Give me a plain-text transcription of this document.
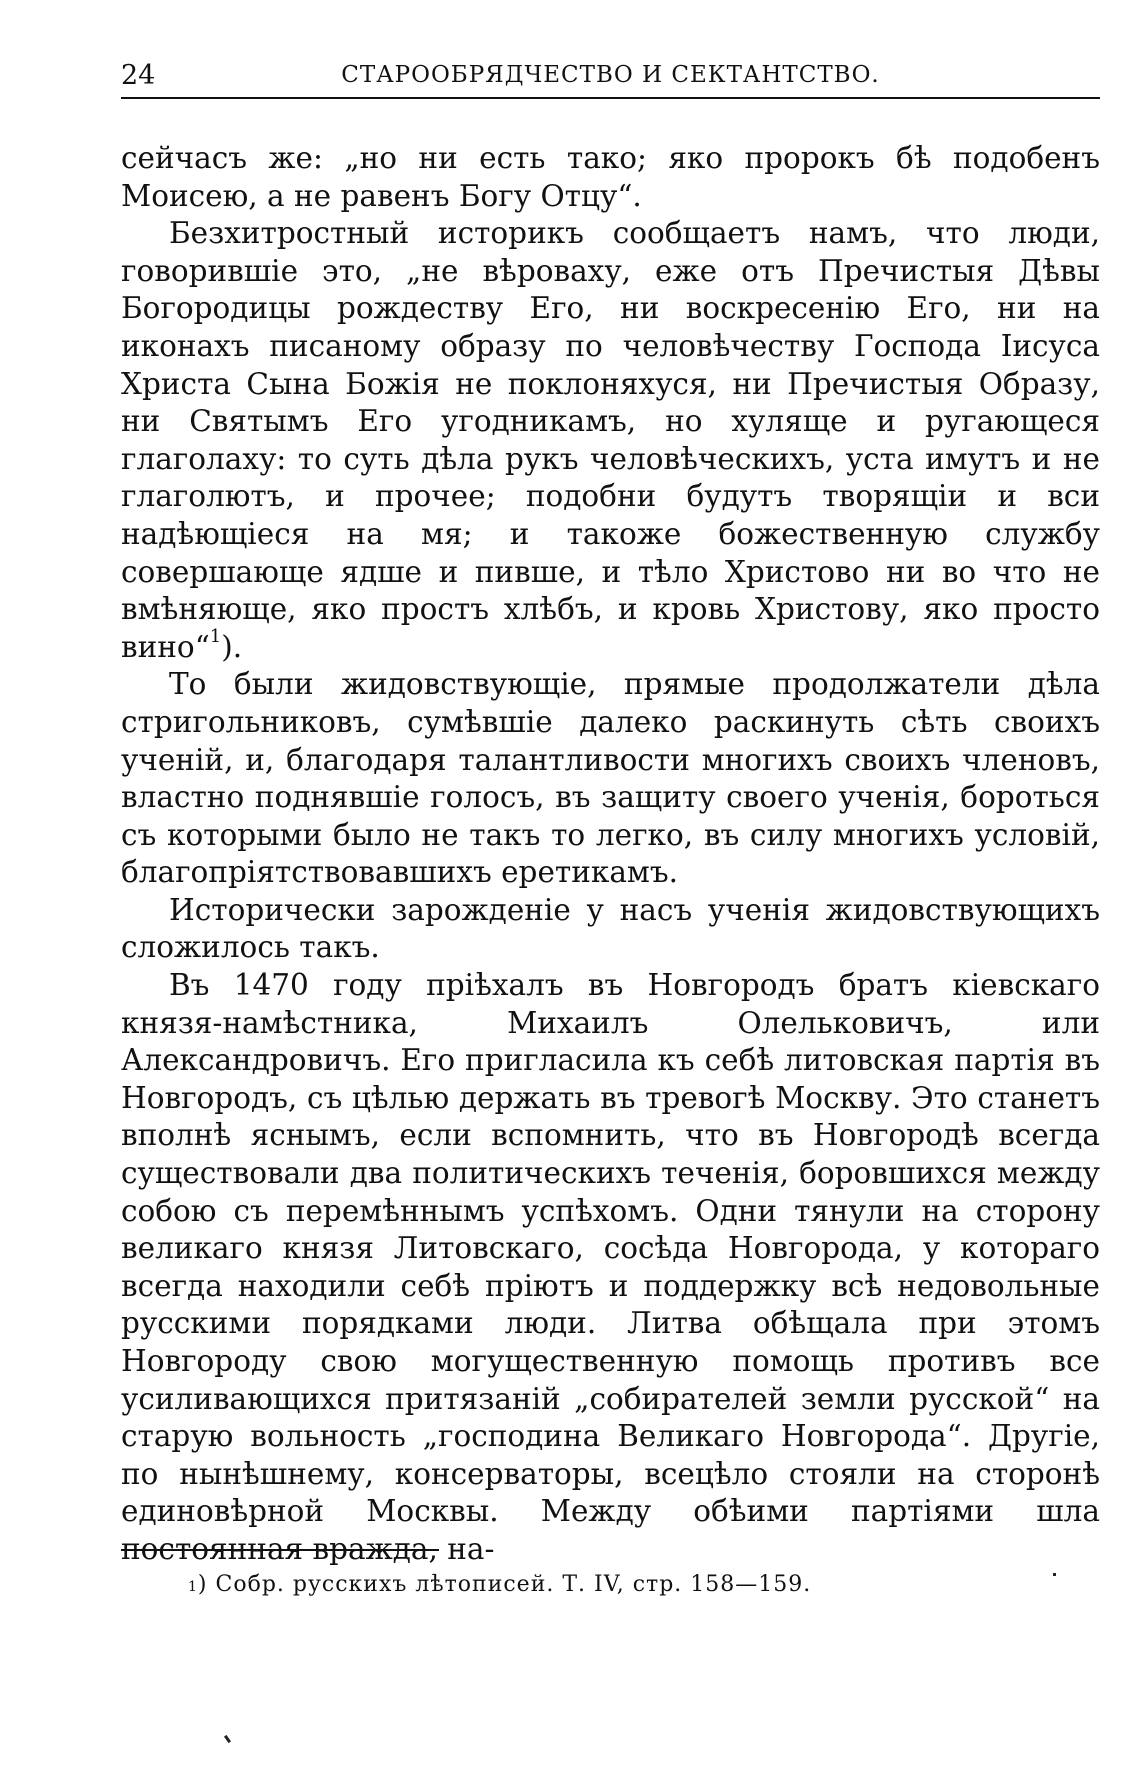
24	СТАРООБРЯДЧЕСТВО И СЕКТАНТСТВО.

сейчасъ же: „но ни есть тако; яко пророкъ бѣ подобенъ Моисею, а не равенъ Богу Отцу“.

Безхитростный историкъ сообщаетъ намъ, что люди, говорившіе это, „не вѣроваху, еже отъ Пречистыя Дѣвы Богородицы рождеству Его, ни воскресенію Его, ни на иконахъ писаному образу по человѣчеству Господа Іисуса Христа Сына Божія не поклоняхуся, ни Пречистыя Образу, ни Святымъ Его угодникамъ, но хуляще и ругающеся глаголаху: то суть дѣла рукъ человѣческихъ, уста имутъ и не глаголютъ, и прочее; подобни будутъ творящіи и вси надѣющіеся на мя; и такоже божественную службу совершающе ядше и пивше, и тѣло Христово ни во что не вмѣняюще, яко простъ хлѣбъ, и кровь Христову, яко просто вино“$^1$).

То были жидовствующіе, прямые продолжатели дѣла стригольниковъ, сумѣвшіе далеко раскинуть сѣть своихъ ученій, и, благодаря талантливости многихъ своихъ членовъ, властно поднявшіе голосъ, въ защиту своего ученія, бороться съ которыми было не такъ то легко, въ силу многихъ условій, благопріятствовавшихъ еретикамъ.

Исторически зарожденіе у насъ ученія жидовствующихъ сложилось такъ.

Въ 1470 году пріѣхалъ въ Новгородъ братъ кіевскаго князя-намѣстника, Михаилъ Олельковичъ, или Александровичъ. Его пригласила къ себѣ литовская партія въ Новгородъ, съ цѣлью держать въ тревогѣ Москву. Это станетъ вполнѣ яснымъ, если вспомнить, что въ Новгородѣ всегда существовали два политическихъ теченія, боровшихся между собою съ перемѣннымъ успѣхомъ. Одни тянули на сторону великаго князя Литовскаго, сосѣда Новгорода, у котораго всегда находили себѣ пріютъ и поддержку всѣ недовольные русскими порядками люди. Литва обѣщала при этомъ Новгороду свою могущественную помощь противъ все усиливающихся притязаній „собирателей земли русской“ на старую вольность „господина Великаго Новгорода“. Другіе, по нынѣшнему, консерваторы, всецѣло стояли на сторонѣ единовѣрной Москвы. Между обѣими партіями шла постоянная вражда, на-

$^1$) Собр. русскихъ лѣтописей. Т. IV, стр. 158—159.
